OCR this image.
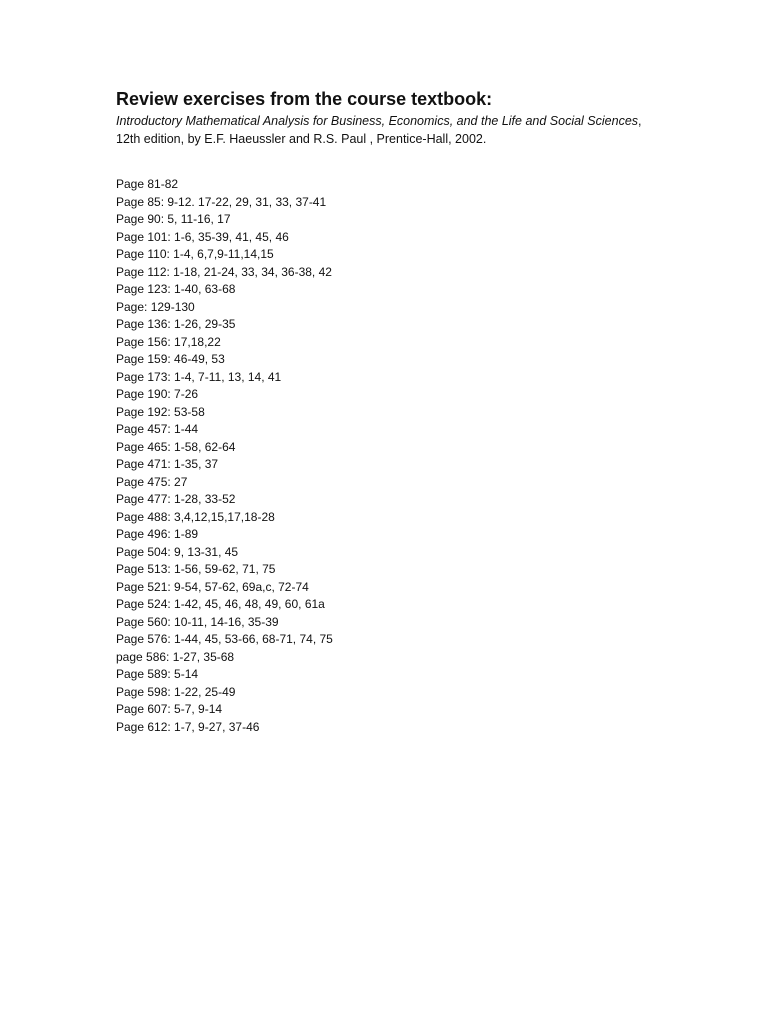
Review exercises from the course textbook:
Introductory Mathematical Analysis for Business, Economics, and the Life and Social Sciences,
12th edition, by E.F. Haeussler and R.S. Paul , Prentice-Hall, 2002.
Page 81-82
Page 85: 9-12. 17-22, 29, 31, 33, 37-41
Page 90: 5, 11-16, 17
Page 101: 1-6, 35-39, 41, 45, 46
Page 110: 1-4, 6,7,9-11,14,15
Page 112: 1-18, 21-24, 33, 34, 36-38, 42
Page 123: 1-40, 63-68
Page: 129-130
Page 136: 1-26, 29-35
Page 156: 17,18,22
Page 159: 46-49, 53
Page 173: 1-4, 7-11, 13, 14, 41
Page 190: 7-26
Page 192: 53-58
Page 457: 1-44
Page 465: 1-58, 62-64
Page 471: 1-35, 37
Page 475: 27
Page 477: 1-28, 33-52
Page 488: 3,4,12,15,17,18-28
Page 496: 1-89
Page 504: 9, 13-31, 45
Page 513: 1-56, 59-62, 71, 75
Page 521: 9-54, 57-62, 69a,c, 72-74
Page 524: 1-42, 45, 46, 48, 49, 60, 61a
Page 560: 10-11, 14-16, 35-39
Page 576: 1-44, 45, 53-66, 68-71, 74, 75
page 586: 1-27, 35-68
Page 589: 5-14
Page 598: 1-22, 25-49
Page 607: 5-7, 9-14
Page 612: 1-7, 9-27, 37-46
